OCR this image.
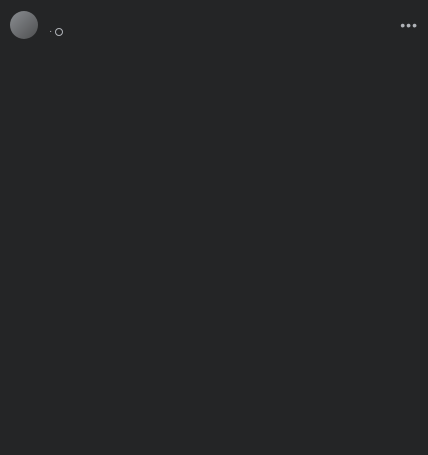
·	•••
